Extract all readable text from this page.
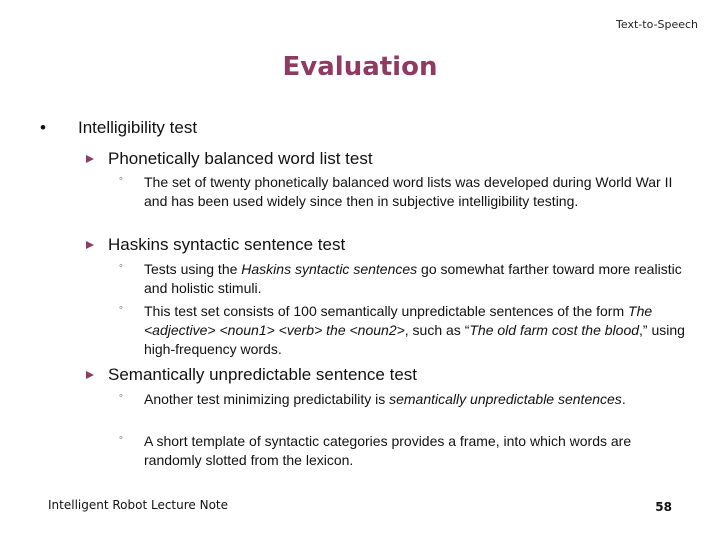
Text-to-Speech
Evaluation
• Intelligibility test
Phonetically balanced word list test
◦ The set of twenty phonetically balanced word lists was developed during World War II and has been used widely since then in subjective intelligibility testing.
Haskins syntactic sentence test
◦ Tests using the Haskins syntactic sentences go somewhat farther toward more realistic and holistic stimuli.
◦ This test set consists of 100 semantically unpredictable sentences of the form The <adjective> <noun1> <verb> the <noun2>, such as “The old farm cost the blood,” using high-frequency words.
Semantically unpredictable sentence test
◦ Another test minimizing predictability is semantically unpredictable sentences.
◦ A short template of syntactic categories provides a frame, into which words are randomly slotted from the lexicon.
Intelligent Robot Lecture Note	58
